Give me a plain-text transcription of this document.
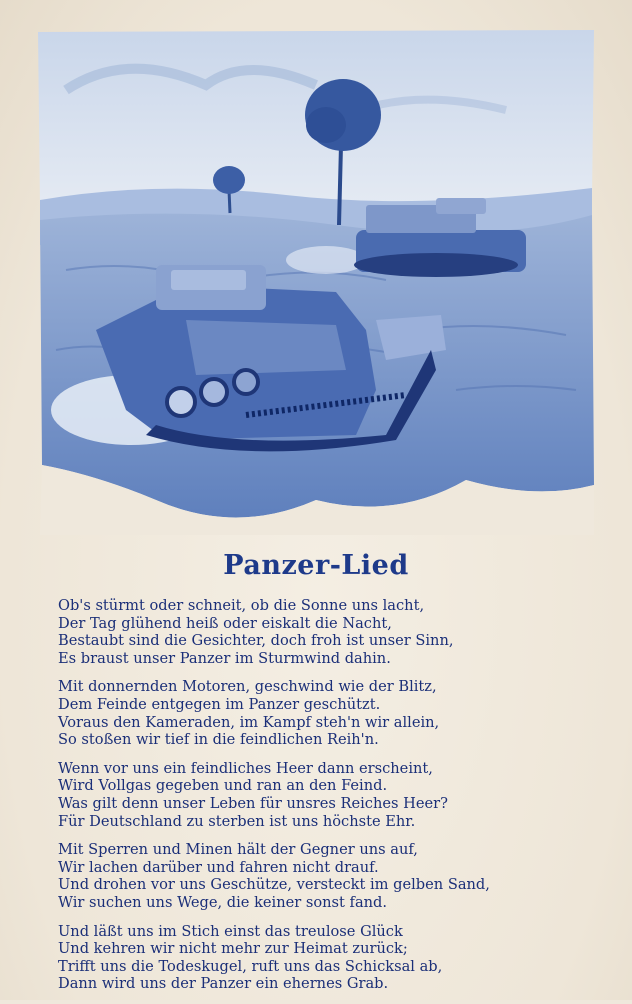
Panzer-Lied
Ob's stürmt oder schneit, ob die Sonne uns lacht,
Der Tag glühend heiß oder eiskalt die Nacht,
Bestaubt sind die Gesichter, doch froh ist unser Sinn,
Es braust unser Panzer im Sturmwind dahin.
Mit donnernden Motoren, geschwind wie der Blitz,
Dem Feinde entgegen im Panzer geschützt.
Voraus den Kameraden, im Kampf steh'n wir allein,
So stoßen wir tief in die feindlichen Reih'n.
Wenn vor uns ein feindliches Heer dann erscheint,
Wird Vollgas gegeben und ran an den Feind.
Was gilt denn unser Leben für unsres Reiches Heer?
Für Deutschland zu sterben ist uns höchste Ehr.
Mit Sperren und Minen hält der Gegner uns auf,
Wir lachen darüber und fahren nicht drauf.
Und drohen vor uns Geschütze, versteckt im gelben Sand,
Wir suchen uns Wege, die keiner sonst fand.
Und läßt uns im Stich einst das treulose Glück
Und kehren wir nicht mehr zur Heimat zurück;
Trifft uns die Todeskugel, ruft uns das Schicksal ab,
Dann wird uns der Panzer ein ehernes Grab.
